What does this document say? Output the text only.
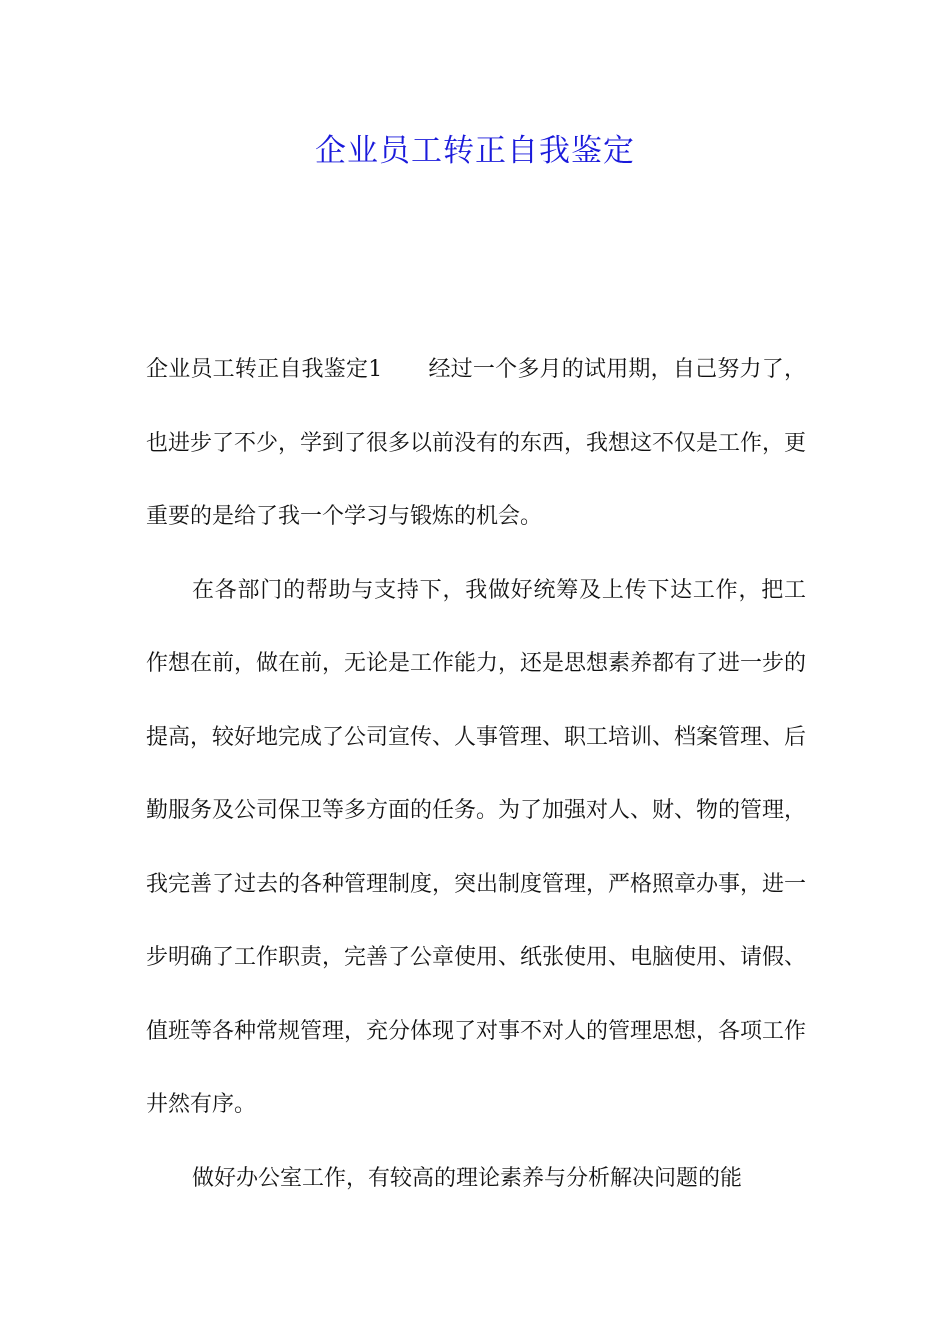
企业员工转正自我鉴定

企业员工转正自我鉴定1 经过一个多月的试用期，自己努力了，也进步了不少，学到了很多以前没有的东西，我想这不仅是工作，更重要的是给了我一个学习与锻炼的机会。

在各部门的帮助与支持下，我做好统筹及上传下达工作，把工作想在前，做在前，无论是工作能力，还是思想素养都有了进一步的提高，较好地完成了公司宣传、人事管理、职工培训、档案管理、后勤服务及公司保卫等多方面的任务。为了加强对人、财、物的管理，我完善了过去的各种管理制度，突出制度管理，严格照章办事，进一步明确了工作职责，完善了公章使用、纸张使用、电脑使用、请假、值班等各种常规管理，充分体现了对事不对人的管理思想，各项工作井然有序。

做好办公室工作，有较高的理论素养与分析解决问题的能
